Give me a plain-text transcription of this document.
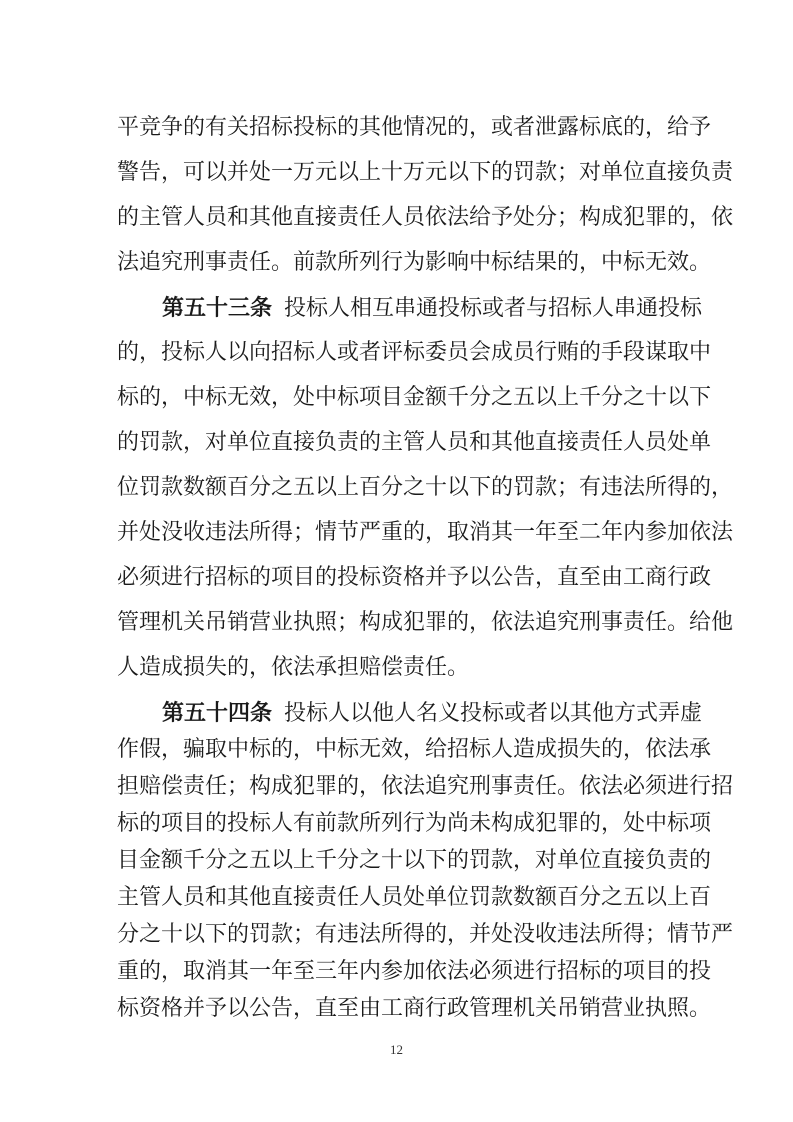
平竞争的有关招标投标的其他情况的，或者泄露标底的，给予
警告，可以并处一万元以上十万元以下的罚款；对单位直接负责
的主管人员和其他直接责任人员依法给予处分；构成犯罪的，依
法追究刑事责任。前款所列行为影响中标结果的，中标无效。
第五十三条 投标人相互串通投标或者与招标人串通投标
的，投标人以向招标人或者评标委员会成员行贿的手段谋取中
标的，中标无效，处中标项目金额千分之五以上千分之十以下
的罚款，对单位直接负责的主管人员和其他直接责任人员处单
位罚款数额百分之五以上百分之十以下的罚款；有违法所得的，
并处没收违法所得；情节严重的，取消其一年至二年内参加依法
必须进行招标的项目的投标资格并予以公告，直至由工商行政
管理机关吊销营业执照；构成犯罪的，依法追究刑事责任。给他
人造成损失的，依法承担赔偿责任。
第五十四条 投标人以他人名义投标或者以其他方式弄虚
作假，骗取中标的，中标无效，给招标人造成损失的，依法承
担赔偿责任；构成犯罪的，依法追究刑事责任。依法必须进行招
标的项目的投标人有前款所列行为尚未构成犯罪的，处中标项
目金额千分之五以上千分之十以下的罚款，对单位直接负责的
主管人员和其他直接责任人员处单位罚款数额百分之五以上百
分之十以下的罚款；有违法所得的，并处没收违法所得；情节严
重的，取消其一年至三年内参加依法必须进行招标的项目的投
标资格并予以公告，直至由工商行政管理机关吊销营业执照。
12
